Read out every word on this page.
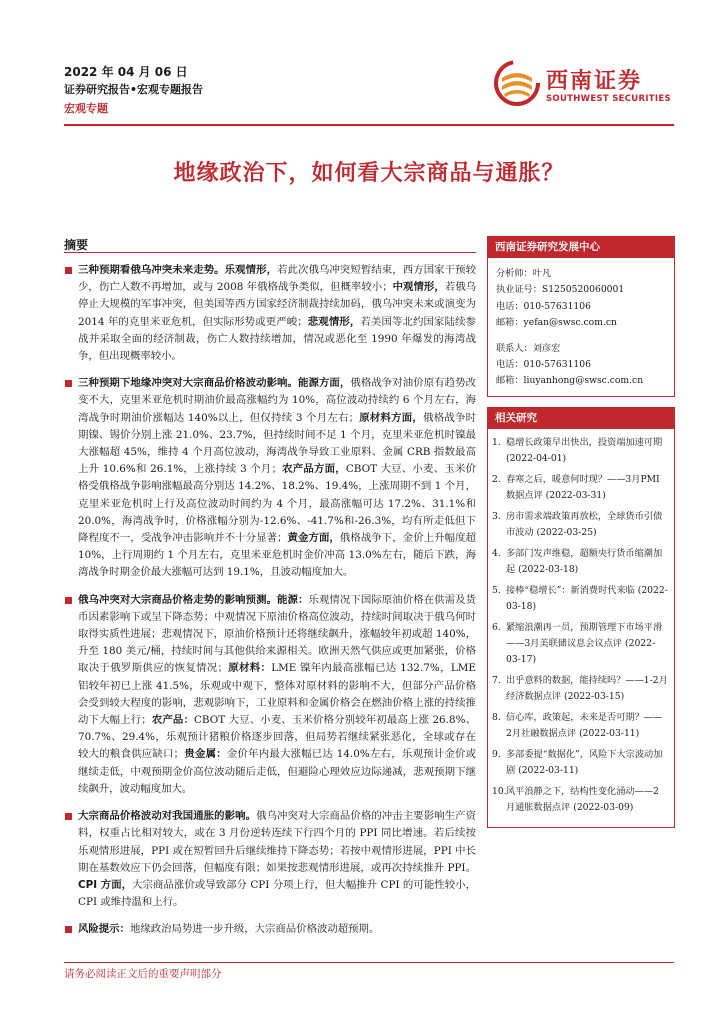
2022 年 04 月 06 日
证券研究报告•宏观专题报告
宏观专题
西南证券
SOUTHWEST SECURITIES
地缘政治下，如何看大宗商品与通胀？
摘要
三种预期看俄乌冲突未来走势。乐观情形，若此次俄乌冲突短暂结束，西方国家干预较少，伤亡人数不再增加，或与 2008 年俄格战争类似，但概率较小；中观情形，若俄乌停止大规模的军事冲突，但美国等西方国家经济制裁持续加码，俄乌冲突未来或演变为 2014 年的克里米亚危机，但实际形势或更严峻；悲观情形，若美国等北约国家陆续参战并采取全面的经济制裁，伤亡人数持续增加，情况或恶化至 1990 年爆发的海湾战争，但出现概率较小。
三种预期下地缘冲突对大宗商品价格波动影响。能源方面，俄格战争对油价原有趋势改变不大，克里米亚危机时期油价最高涨幅约为 10%，高位波动持续约 6 个月左右，海湾战争时期油价涨幅达 140%以上，但仅持续 3 个月左右；原材料方面，俄格战争时期镍、锡价分别上涨 21.0%、23.7%，但持续时间不足 1 个月，克里米亚危机时镍最大涨幅超 45%，维持 4 个月高位波动，海湾战争导致工业原料、金属 CRB 指数最高上升 10.6%和 26.1%，上涨持续 3 个月；农产品方面，CBOT 大豆、小麦、玉米价格受俄格战争影响涨幅最高分别达 14.2%、18.2%、19.4%，上涨周期不到 1 个月，克里米亚危机时上行及高位波动时间约为 4 个月，最高涨幅可达 17.2%、31.1%和 20.0%，海湾战争时，价格涨幅分别为-12.6%、-41.7%和-26.3%，均有所走低但下降程度不一，受战争冲击影响并不十分显著；黄金方面，俄格战争下，金价上升幅度超 10%，上行周期约 1 个月左右，克里米亚危机时金价冲高 13.0%左右，随后下跌，海湾战争时期金价最大涨幅可达到 19.1%，且波动幅度加大。
俄乌冲突对大宗商品价格走势的影响预测。能源：乐观情况下国际原油价格在供需及货币因素影响下或呈下降态势；中观情况下原油价格高位波动，持续时间取决于俄乌何时取得实质性进展；悲观情况下，原油价格预计还将继续飙升，涨幅较年初或超 140%，升至 180 美元/桶，持续时间与其他供给来源相关。欧洲天然气供应或更加紧张，价格取决于俄罗斯供应的恢复情况；原材料：LME 镍年内最高涨幅已达 132.7%，LME 铝较年初已上涨 41.5%，乐观或中观下，整体对原材料的影响不大，但部分产品价格会受到较大程度的影响，悲观影响下，工业原料和金属价格会在燃油价格上涨的持续推动下大幅上行；农产品：CBOT 大豆、小麦、玉米价格分别较年初最高上涨 26.8%、70.7%、29.4%，乐观预计猪粮价格逐步回落，但局势若继续紧张恶化，全球或存在较大的粮食供应缺口；贵金属：金价年内最大涨幅已达 14.0%左右，乐观预计金价或继续走低，中观预期金价高位波动随后走低，但避险心理效应边际递减，悲观预期下继续飙升，波动幅度加大。
大宗商品价格波动对我国通胀的影响。俄乌冲突对大宗商品价格的冲击主要影响生产资料，权重占比相对较大，或在 3 月份逆转连续下行四个月的 PPI 同比增速。若后续按乐观情形进展，PPI 或在短暂回升后继续维持下降态势；若按中观情形进展，PPI 中长期在基数效应下仍会回落，但幅度有限；如果按悲观情形进展，或再次持续推升 PPI。CPI 方面，大宗商品涨价或导致部分 CPI 分项上行，但大幅推升 CPI 的可能性较小，CPI 或维持温和上行。
风险提示：地缘政治局势进一步升级，大宗商品价格波动超预期。
西南证券研究发展中心
分析师：叶凡
执业证号：S1250520060001
电话：010-57631106
邮箱：yefan@swsc.com.cn
联系人：刘彦宏
电话：010-57631106
邮箱：liuyanhong@swsc.com.cn
相关研究
1. 稳增长政策早出快出，投资端加速可期 (2022-04-01)
2. 春寒之后，暖意何时现？——3月PMI数据点评 (2022-03-31)
3. 房市需求端政策再放松，全球货币引债市波动 (2022-03-25)
4. 多部门发声维稳，超额央行货币缩潮加起 (2022-03-18)
5. 接棒“稳增长”：新消费时代来临 (2022-03-18)
6. 紧缩浪潮再一员，预期管理下市场平滑——3月美联储议息会议点评 (2022-03-17)
7. 出乎意料的数据，能持续吗？——1-2月经济数据点评 (2022-03-15)
8. 信心库，政策起，未来是否可期？——2月社融数据点评 (2022-03-11)
9. 多部委提“数据化”，风险下大宗波动加剧 (2022-03-11)
10. 风平浪静之下，结构性变化涌动——2月通胀数据点评 (2022-03-09)
请务必阅读正文后的重要声明部分
